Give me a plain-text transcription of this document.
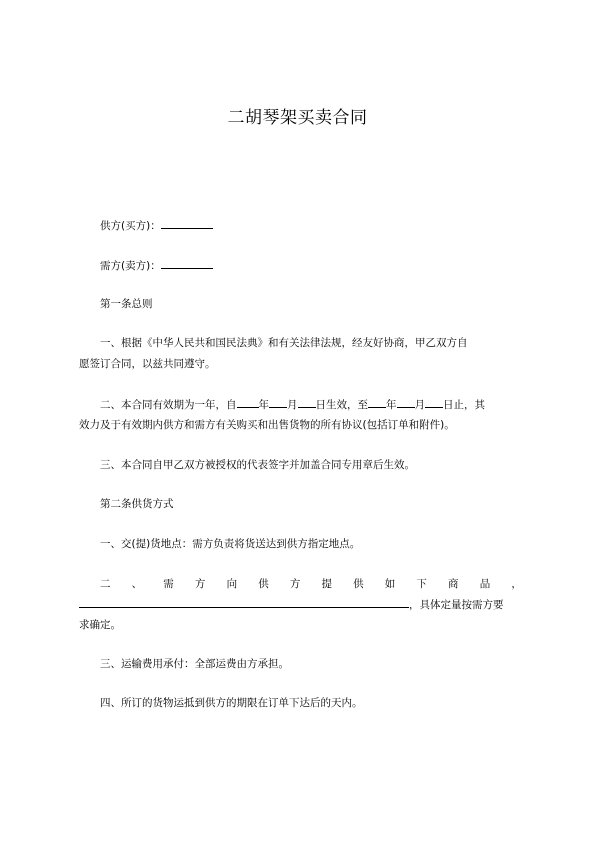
二胡琴架买卖合同
供方(买方)：
需方(卖方)：
第一条总则
一、根据《中华人民共和国民法典》和有关法律法规，经友好协商，甲乙双方自
愿签订合同，以兹共同遵守。
二、本合同有效期为一年，自 年 月 日生效，至 年 月 日止，其
效力及于有效期内供方和需方有关购买和出售货物的所有协议(包括订单和附件)。
三、本合同自甲乙双方被授权的代表签字并加盖合同专用章后生效。
第二条供货方式
一、交(提)货地点：需方负责将货送达到供方指定地点。
二 、 需 方 向 供 方 提 供 如 下 商 品 ，
，具体定量按需方要
求确定。
三、运输费用承付：全部运费由方承担。
四、所订的货物运抵到供方的期限在订单下达后的天内。
